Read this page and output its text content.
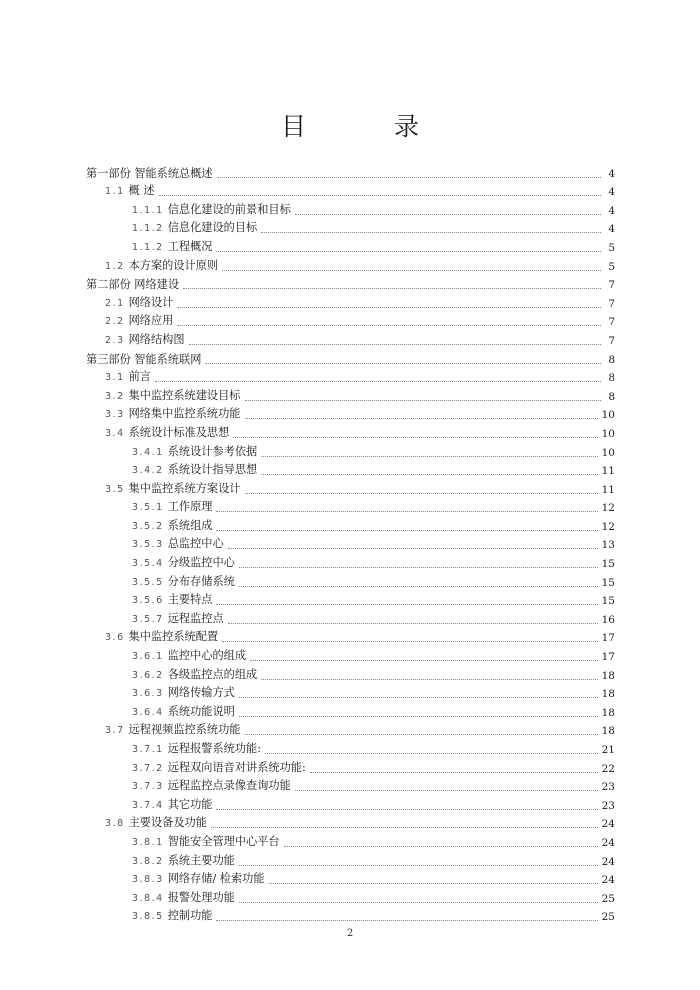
目 录
第一部份 智能系统总概述	4
1.1 概 述	4
1.1.1 信息化建设的前景和目标	4
1.1.2 信息化建设的目标	4
1.1.2 工程概况	5
1.2 本方案的设计原则	5
第二部份 网络建设	7
2.1 网络设计	7
2.2 网络应用	7
2.3 网络结构图	7
第三部份 智能系统联网	8
3.1 前言	8
3.2 集中监控系统建设目标	8
3.3 网络集中监控系统功能	10
3.4 系统设计标准及思想	10
3.4.1 系统设计参考依据	10
3.4.2 系统设计指导思想	11
3.5 集中监控系统方案设计	11
3.5.1 工作原理	12
3.5.2 系统组成	12
3.5.3 总监控中心	13
3.5.4 分级监控中心	15
3.5.5 分布存储系统	15
3.5.6 主要特点	15
3.5.7 远程监控点	16
3.6 集中监控系统配置	17
3.6.1 监控中心的组成	17
3.6.2 各级监控点的组成	18
3.6.3 网络传输方式	18
3.6.4 系统功能说明	18
3.7 远程视频监控系统功能	18
3.7.1 远程报警系统功能:	21
3.7.2 远程双向语音对讲系统功能:	22
3.7.3 远程监控点录像查询功能	23
3.7.4 其它功能	23
3.8 主要设备及功能	24
3.8.1 智能安全管理中心平台	24
3.8.2 系统主要功能	24
3.8.3 网络存储/ 检索功能	24
3.8.4 报警处理功能	25
3.8.5 控制功能	25
2
